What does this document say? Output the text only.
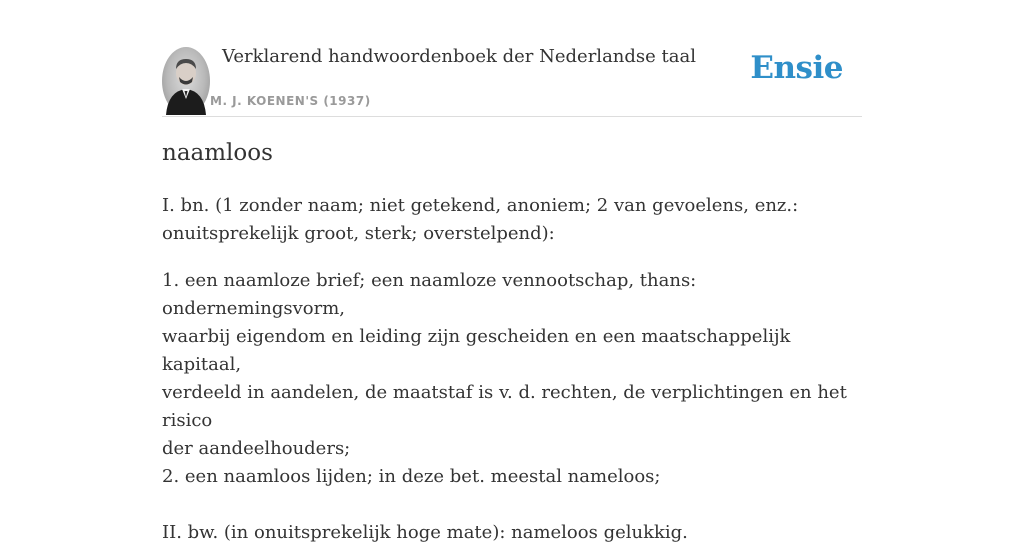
Verklarend handwoordenboek der Nederlandse taal
M. J. KOENEN'S (1937)
Ensie
naamloos

I. bn. (1 zonder naam; niet getekend, anoniem; 2 van gevoelens, enz.:

onuitsprekelijk groot, sterk; overstelpend):

1. een naamloze brief; een naamloze vennootschap, thans: ondernemingsvorm,

waarbij eigendom en leiding zijn gescheiden en een maatschappelijk kapitaal,

verdeeld in aandelen, de maatstaf is v. d. rechten, de verplichtingen en het risico

der aandeelhouders;

2. een naamloos lijden; in deze bet. meestal nameloos;

II. bw. (in onuitsprekelijk hoge mate): nameloos gelukkig.
